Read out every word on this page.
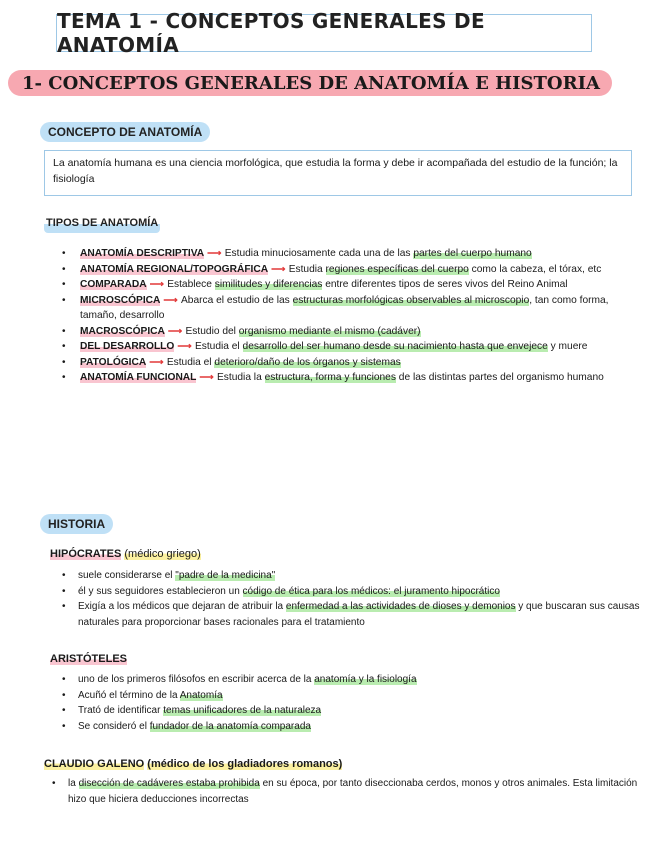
TEMA 1 - CONCEPTOS GENERALES DE ANATOMÍA
1- CONCEPTOS GENERALES DE ANATOMÍA E HISTORIA
CONCEPTO DE ANATOMÍA
La anatomía humana es una ciencia morfológica, que estudia la forma y debe ir acompañada del estudio de la función; la fisiología
TIPOS DE ANATOMÍA
• ANATOMÍA DESCRIPTIVA ⟶ Estudia minuciosamente cada una de las partes del cuerpo humano
• ANATOMÍA REGIONAL/TOPOGRÁFICA ⟶ Estudia regiones específicas del cuerpo como la cabeza, el tórax, etc
• COMPARADA ⟶ Establece similitudes y diferencias entre diferentes tipos de seres vivos del Reino Animal
• MICROSCÓPICA ⟶ Abarca el estudio de las estructuras morfológicas observables al microscopio, tan como forma, tamaño, desarrollo
• MACROSCÓPICA ⟶ Estudio del organismo mediante el mismo (cadáver)
• DEL DESARROLLO ⟶ Estudia el desarrollo del ser humano desde su nacimiento hasta que envejece y muere
• PATOLÓGICA ⟶ Estudia el deterioro/daño de los órganos y sistemas
• ANATOMÍA FUNCIONAL ⟶ Estudia la estructura, forma y funciones de las distintas partes del organismo humano
HISTORIA
HIPÓCRATES (médico griego)
• suele considerarse el "padre de la medicina"
• él y sus seguidores establecieron un código de ética para los médicos: el juramento hipocrático
• Exigía a los médicos que dejaran de atribuir la enfermedad a las actividades de dioses y demonios y que buscaran sus causas naturales para proporcionar bases racionales para el tratamiento
ARISTÓTELES
• uno de los primeros filósofos en escribir acerca de la anatomía y la fisiología
• Acuñó el término de la Anatomía
• Trató de identificar temas unificadores de la naturaleza
• Se consideró el fundador de la anatomía comparada
CLAUDIO GALENO (médico de los gladiadores romanos)
• la disección de cadáveres estaba prohibida en su época, por tanto diseccionaba cerdos, monos y otros animales. Esta limitación hizo que hiciera deducciones incorrectas
